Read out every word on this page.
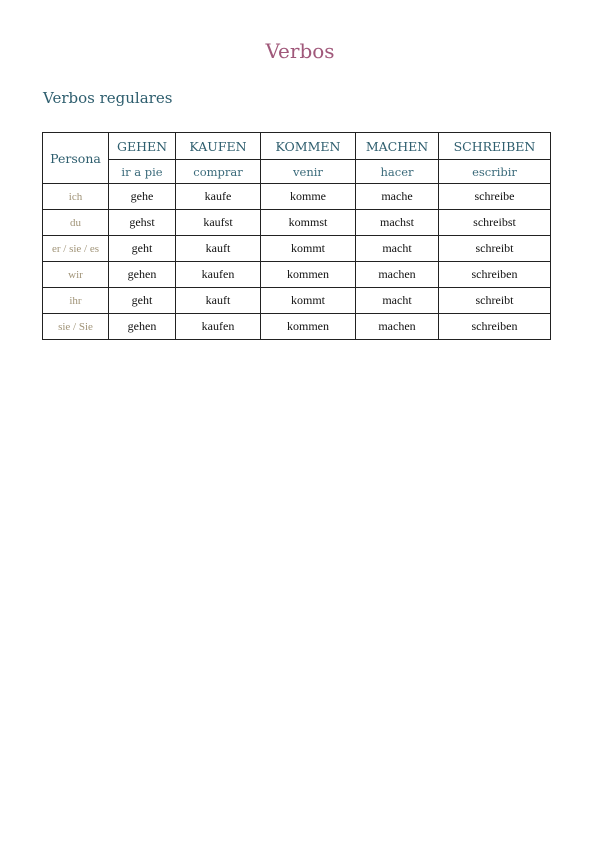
Verbos
Verbos regulares
Persona	GEHEN	KAUFEN	KOMMEN	MACHEN	SCHREIBEN
	ir a pie	comprar	venir	hacer	escribir
ich	gehe	kaufe	komme	mache	schreibe
du	gehst	kaufst	kommst	machst	schreibst
er / sie / es	geht	kauft	kommt	macht	schreibt
wir	gehen	kaufen	kommen	machen	schreiben
ihr	geht	kauft	kommt	macht	schreibt
sie / Sie	gehen	kaufen	kommen	machen	schreiben
